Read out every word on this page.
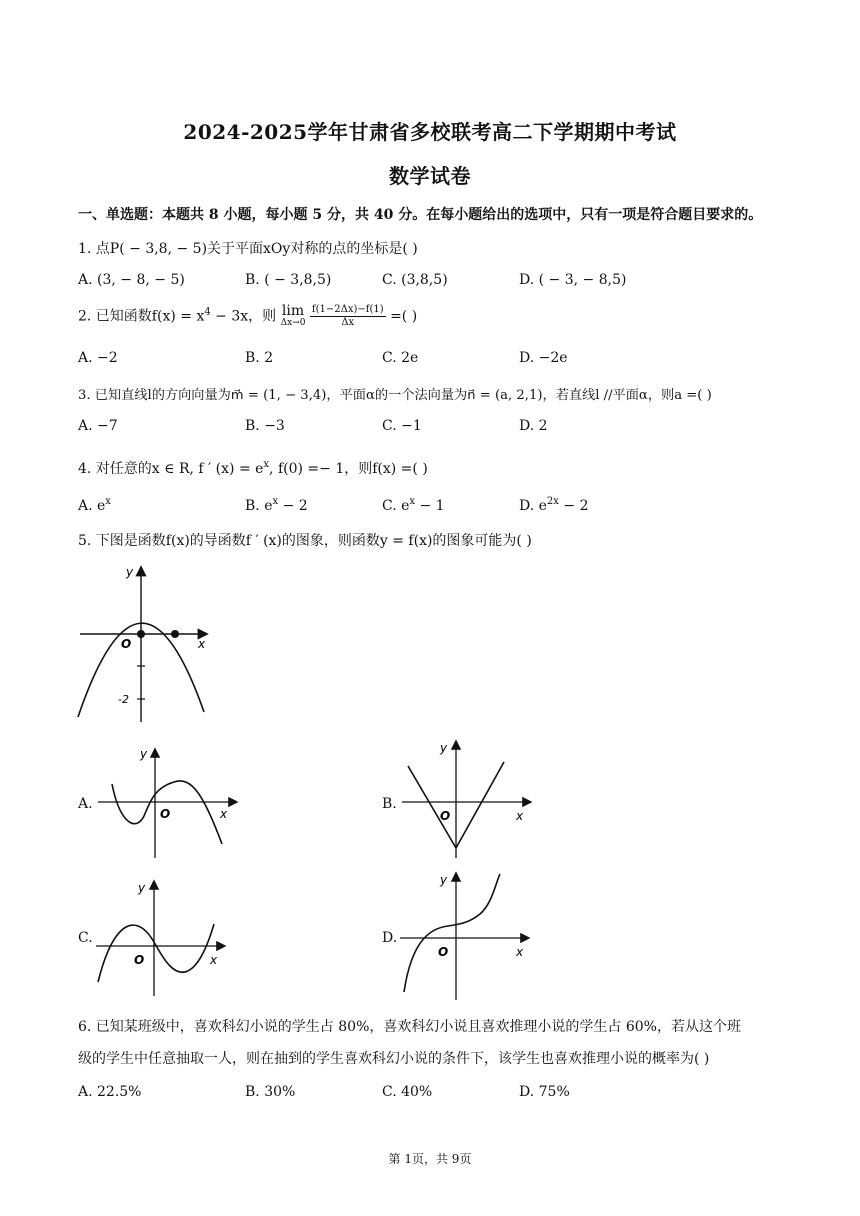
2024-2025学年甘肃省多校联考高二下学期期中考试
数学试卷
一、单选题：本题共 8 小题，每小题 5 分，共 40 分。在每小题给出的选项中，只有一项是符合题目要求的。
1. 点P( − 3,8, − 5)关于平面xOy对称的点的坐标是( )
A. (3, − 8, − 5)	B. ( − 3,8,5)	C. (3,8,5)	D. ( − 3, − 8,5)
2. 已知函数$f(x) = x^4 - 3x$，则 lim
Δx→0
$\frac{f(1-2\Delta x)-f(1)}{\Delta x}$ =( )
A. −2	B. 2	C. 2e	D. −2e
3. 已知直线l的方向向量为m⃗ = (1, − 3,4)，平面α的一个法向量为n⃗ = (a, 2,1)，若直线l //平面α，则a =( )
A. −7	B. −3	C. −1	D. 2
4. 对任意的x ∈ R, f ′ $(x) = e^x$, f(0) =− 1，则f(x) =( )
A. $e^x$	B. $e^x - 2$	C. $e^x - 1$	D. $e^{2x} - 2$
5. 下图是函数f(x)的导函数f ′ (x)的图象，则函数y = f(x)的图象可能为( )
y
x
O
-2
A.
y
x
O
B.
y
x
O
C.
y
x
O
D.
y
x
O
6. 已知某班级中，喜欢科幻小说的学生占 80%，喜欢科幻小说且喜欢推理小说的学生占 60%，若从这个班
级的学生中任意抽取一人，则在抽到的学生喜欢科幻小说的条件下，该学生也喜欢推理小说的概率为( )
A. 22.5%	B. 30%	C. 40%	D. 75%
第 1页，共 9页
